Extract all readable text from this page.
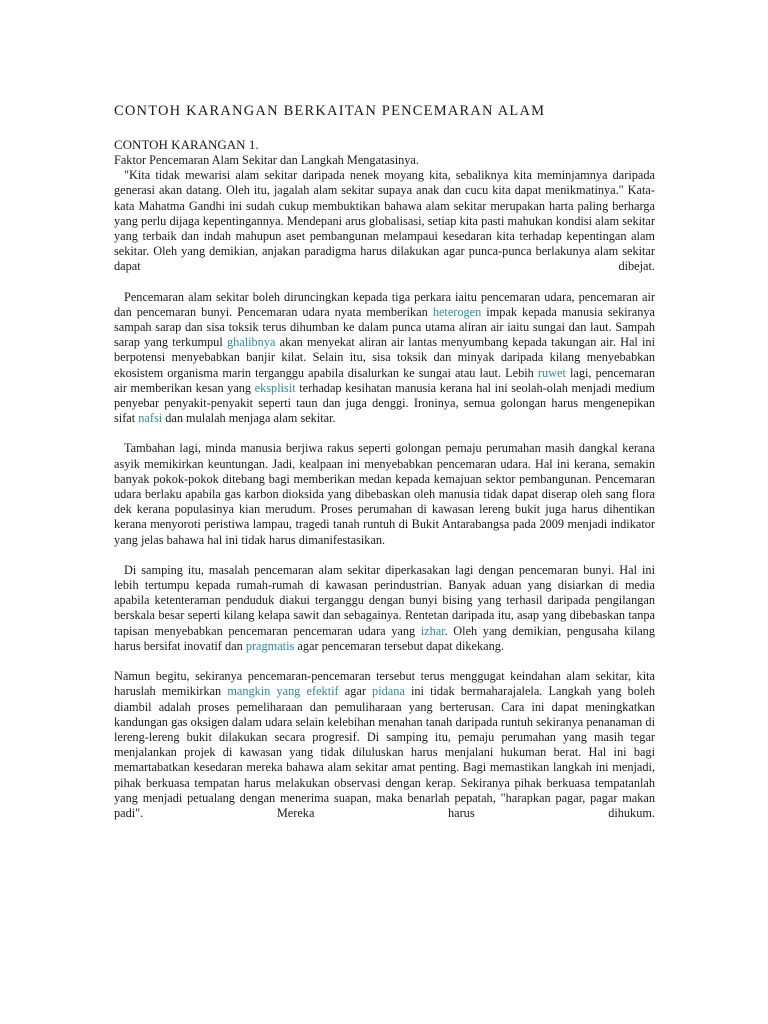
CONTOH KARANGAN BERKAITAN PENCEMARAN ALAM

CONTOH KARANGAN 1.

Faktor Pencemaran Alam Sekitar dan Langkah Mengatasinya.

"Kita tidak mewarisi alam sekitar daripada nenek moyang kita, sebaliknya kita meminjamnya daripada generasi akan datang. Oleh itu, jagalah alam sekitar supaya anak dan cucu kita dapat menikmatinya." Kata-kata Mahatma Gandhi ini sudah cukup membuktikan bahawa alam sekitar merupakan harta paling berharga yang perlu dijaga kepentingannya. Mendepani arus globalisasi, setiap kita pasti mahukan kondisi alam sekitar yang terbaik dan indah mahupun aset pembangunan melampaui kesedaran kita terhadap kepentingan alam sekitar. Oleh yang demikian, anjakan paradigma harus dilakukan agar punca-punca berlakunya alam sekitar dapat dibejat.

Pencemaran alam sekitar boleh diruncingkan kepada tiga perkara iaitu pencemaran udara, pencemaran air dan pencemaran bunyi. Pencemaran udara nyata memberikan heterogen impak kepada manusia sekiranya sampah sarap dan sisa toksik terus dihumban ke dalam punca utama aliran air iaitu sungai dan laut. Sampah sarap yang terkumpul ghalibnya akan menyekat aliran air lantas menyumbang kepada takungan air. Hal ini berpotensi menyebabkan banjir kilat. Selain itu, sisa toksik dan minyak daripada kilang menyebabkan ekosistem organisma marin terganggu apabila disalurkan ke sungai atau laut. Lebih ruwet lagi, pencemaran air memberikan kesan yang eksplisit terhadap kesihatan manusia kerana hal ini seolah-olah menjadi medium penyebar penyakit-penyakit seperti taun dan juga denggi. Ironinya, semua golongan harus mengenepikan sifat nafsi dan mulalah menjaga alam sekitar.

Tambahan lagi, minda manusia berjiwa rakus seperti golongan pemaju perumahan masih dangkal kerana asyik memikirkan keuntungan. Jadi, kealpaan ini menyebabkan pencemaran udara. Hal ini kerana, semakin banyak pokok-pokok ditebang bagi memberikan medan kepada kemajuan sektor pembangunan. Pencemaran udara berlaku apabila gas karbon dioksida yang dibebaskan oleh manusia tidak dapat diserap oleh sang flora dek kerana populasinya kian merudum. Proses perumahan di kawasan lereng bukit juga harus dihentikan kerana menyoroti peristiwa lampau, tragedi tanah runtuh di Bukit Antarabangsa pada 2009 menjadi indikator yang jelas bahawa hal ini tidak harus dimanifestasikan.

Di samping itu, masalah pencemaran alam sekitar diperkasakan lagi dengan pencemaran bunyi. Hal ini lebih tertumpu kepada rumah-rumah di kawasan perindustrian. Banyak aduan yang disiarkan di media apabila ketenteraman penduduk diakui terganggu dengan bunyi bising yang terhasil daripada pengilangan berskala besar seperti kilang kelapa sawit dan sebagainya. Rentetan daripada itu, asap yang dibebaskan tanpa tapisan menyebabkan pencemaran pencemaran udara yang izhar. Oleh yang demikian, pengusaha kilang harus bersifat inovatif dan pragmatis agar pencemaran tersebut dapat dikekang.

Namun begitu, sekiranya pencemaran-pencemaran tersebut terus menggugat keindahan alam sekitar, kita haruslah memikirkan mangkin yang efektif agar pidana ini tidak bermaharajalela. Langkah yang boleh diambil adalah proses pemeliharaan dan pemuliharaan yang berterusan. Cara ini dapat meningkatkan kandungan gas oksigen dalam udara selain kelebihan menahan tanah daripada runtuh sekiranya penanaman di lereng-lereng bukit dilakukan secara progresif. Di samping itu, pemaju perumahan yang masih tegar menjalankan projek di kawasan yang tidak diluluskan harus menjalani hukuman berat. Hal ini bagi memartabatkan kesedaran mereka bahawa alam sekitar amat penting. Bagi memastikan langkah ini menjadi, pihak berkuasa tempatan harus melakukan observasi dengan kerap. Sekiranya pihak berkuasa tempatanlah yang menjadi petualang dengan menerima suapan, maka benarlah pepatah, "harapkan pagar, pagar makan padi". Mereka harus dihukum.
